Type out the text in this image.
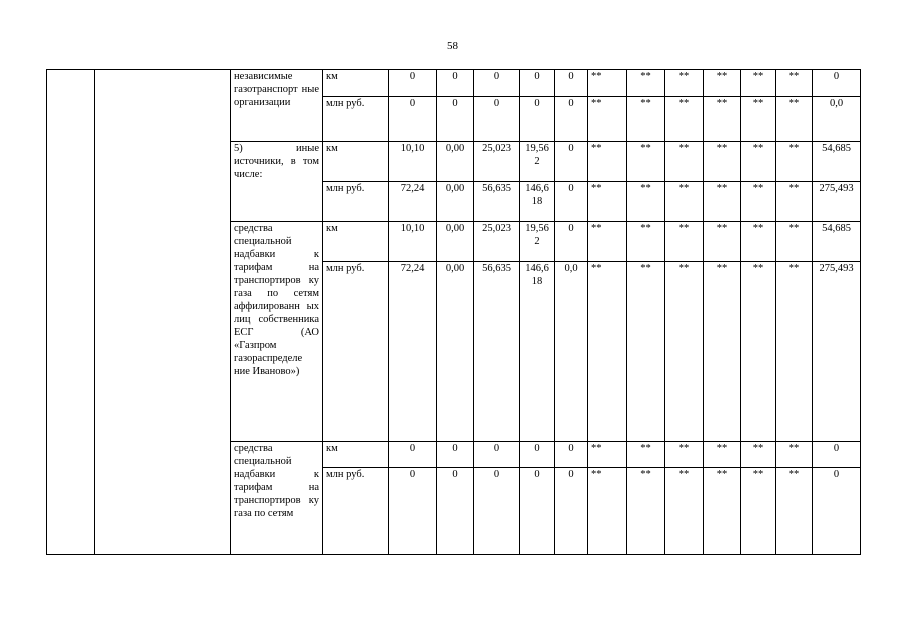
58
		независимые газотранспорт ные организации	км	0	0	0	0	0	**	**	**	**	**	**	0
			млн руб.	0	0	0	0	0	**	**	**	**	**	**	0,0
		5) иные источники, в том числе:	км	10,10	0,00	25,023	19,56 2	0	**	**	**	**	**	**	54,685
			млн руб.	72,24	0,00	56,635	146,6 18	0	**	**	**	**	**	**	275,493
		средства специальной надбавки к тарифам на транспортиров ку газа по сетям аффилированн ых лиц собственника ЕСГ (АО «Газпром газораспределе ние Иваново»)	км	10,10	0,00	25,023	19,56 2	0	**	**	**	**	**	**	54,685
			млн руб.	72,24	0,00	56,635	146,6 18	0,0	**	**	**	**	**	**	275,493
		средства специальной надбавки к тарифам на транспортиров ку газа по сетям	км	0	0	0	0	0	**	**	**	**	**	**	0
			млн руб.	0	0	0	0	0	**	**	**	**	**	**	0
